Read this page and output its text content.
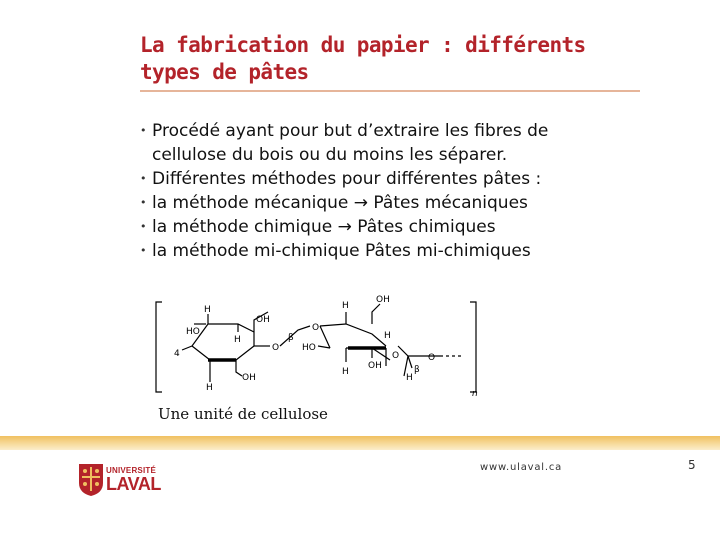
La fabrication du papier : différents
types de pâtes
• Procédé ayant pour but d’extraire les fibres de
cellulose du bois ou du moins les séparer.
• Différentes méthodes pour différentes pâtes :
• la méthode mécanique → Pâtes mécaniques
• la méthode chimique → Pâtes chimiques
• la méthode mi-chimique Pâtes mi-chimiques
H
HO
H
OH
O
β
4
H
OH
O
H
OH
H
HO
H
OH
O
H
β
O
n
Une unité de cellulose
UNIVERSITÉ
LAVAL
www.ulaval.ca	5
